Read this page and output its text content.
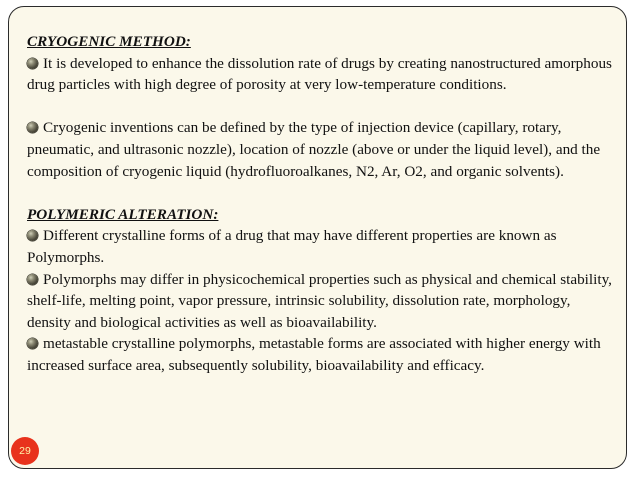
CRYOGENIC METHOD:
It is developed to enhance the dissolution rate of drugs by creating nanostructured amorphous drug particles with high degree of porosity at very low-temperature conditions.
Cryogenic inventions can be defined by the type of injection device (capillary, rotary, pneumatic, and ultrasonic nozzle), location of nozzle (above or under the liquid level), and the composition of cryogenic liquid (hydrofluoroalkanes, N2, Ar, O2, and organic solvents).
POLYMERIC ALTERATION:
Different crystalline forms of a drug that may have different properties are known as Polymorphs.
Polymorphs may differ in physicochemical properties such as physical and chemical stability, shelf-life, melting point, vapor pressure, intrinsic solubility, dissolution rate, morphology, density and biological activities as well as bioavailability.
metastable crystalline polymorphs, metastable forms are associated with higher energy with increased surface area, subsequently solubility, bioavailability and efficacy.
29
